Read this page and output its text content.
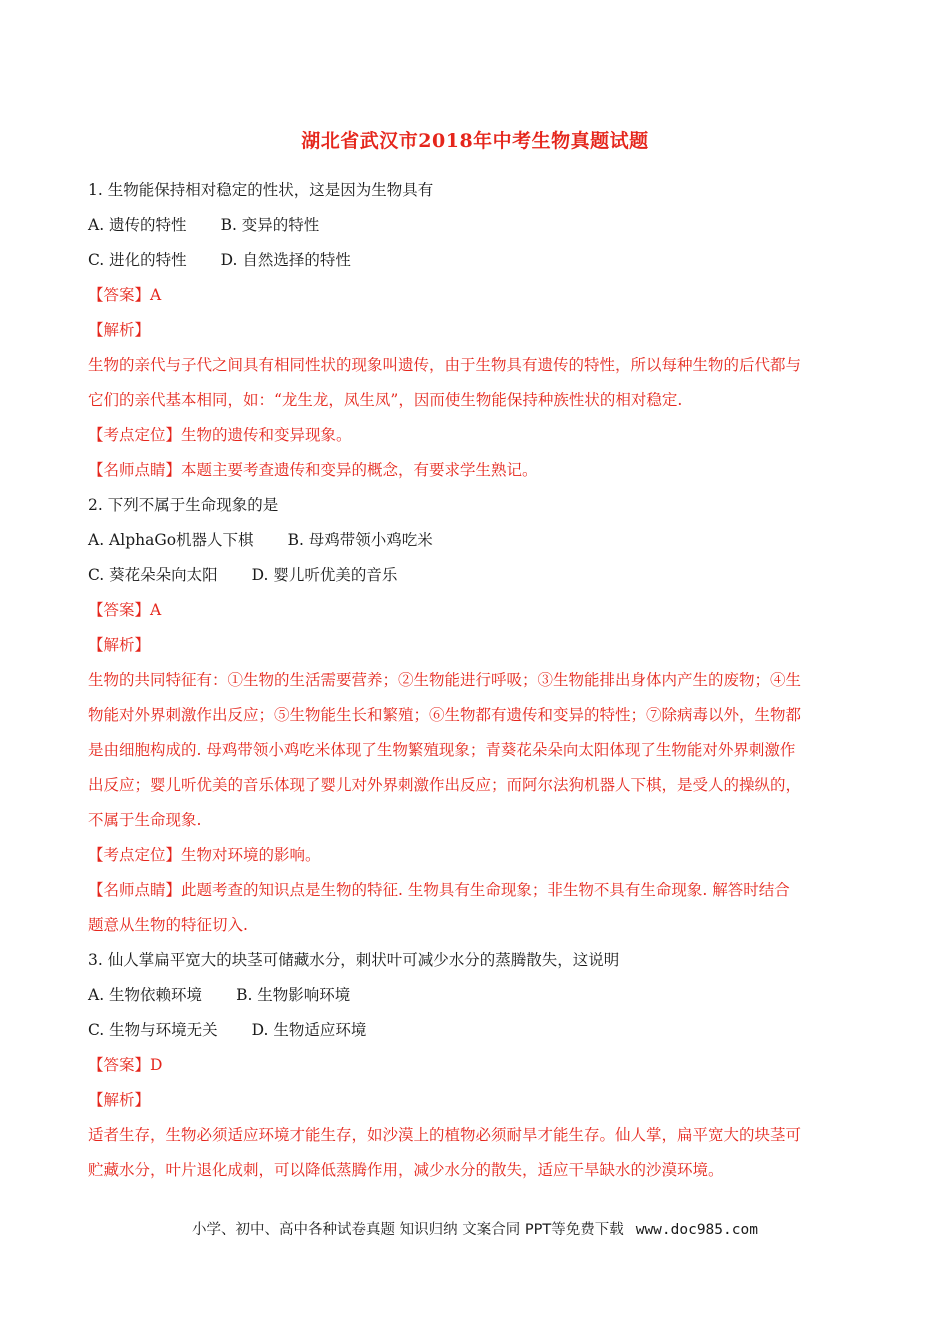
湖北省武汉市2018年中考生物真题试题
1. 生物能保持相对稳定的性状，这是因为生物具有
A. 遗传的特性 B. 变异的特性
C. 进化的特性 D. 自然选择的特性
【答案】A
【解析】
生物的亲代与子代之间具有相同性状的现象叫遗传，由于生物具有遗传的特性，所以每种生物的后代都与
它们的亲代基本相同，如：“龙生龙，凤生凤”，因而使生物能保持种族性状的相对稳定.
【考点定位】生物的遗传和变异现象。
【名师点睛】本题主要考查遗传和变异的概念，有要求学生熟记。
2. 下列不属于生命现象的是
A. AlphaGo机器人下棋 B. 母鸡带领小鸡吃米
C. 葵花朵朵向太阳 D. 婴儿听优美的音乐
【答案】A
【解析】
生物的共同特征有：①生物的生活需要营养；②生物能进行呼吸；③生物能排出身体内产生的废物；④生
物能对外界刺激作出反应；⑤生物能生长和繁殖；⑥生物都有遗传和变异的特性；⑦除病毒以外，生物都
是由细胞构成的. 母鸡带领小鸡吃米体现了生物繁殖现象；青葵花朵朵向太阳体现了生物能对外界刺激作
出反应；婴儿听优美的音乐体现了婴儿对外界刺激作出反应；而阿尔法狗机器人下棋，是受人的操纵的，
不属于生命现象.
【考点定位】生物对环境的影响。
【名师点睛】此题考查的知识点是生物的特征. 生物具有生命现象；非生物不具有生命现象. 解答时结合
题意从生物的特征切入.
3. 仙人掌扁平宽大的块茎可储藏水分，刺状叶可减少水分的蒸腾散失，这说明
A. 生物依赖环境 B. 生物影响环境
C. 生物与环境无关 D. 生物适应环境
【答案】D
【解析】
适者生存，生物必须适应环境才能生存，如沙漠上的植物必须耐旱才能生存。仙人掌，扁平宽大的块茎可
贮藏水分，叶片退化成刺，可以降低蒸腾作用，减少水分的散失，适应干旱缺水的沙漠环境。
小学、初中、高中各种试卷真题 知识归纳 文案合同 PPT等免费下载 www.doc985.com
